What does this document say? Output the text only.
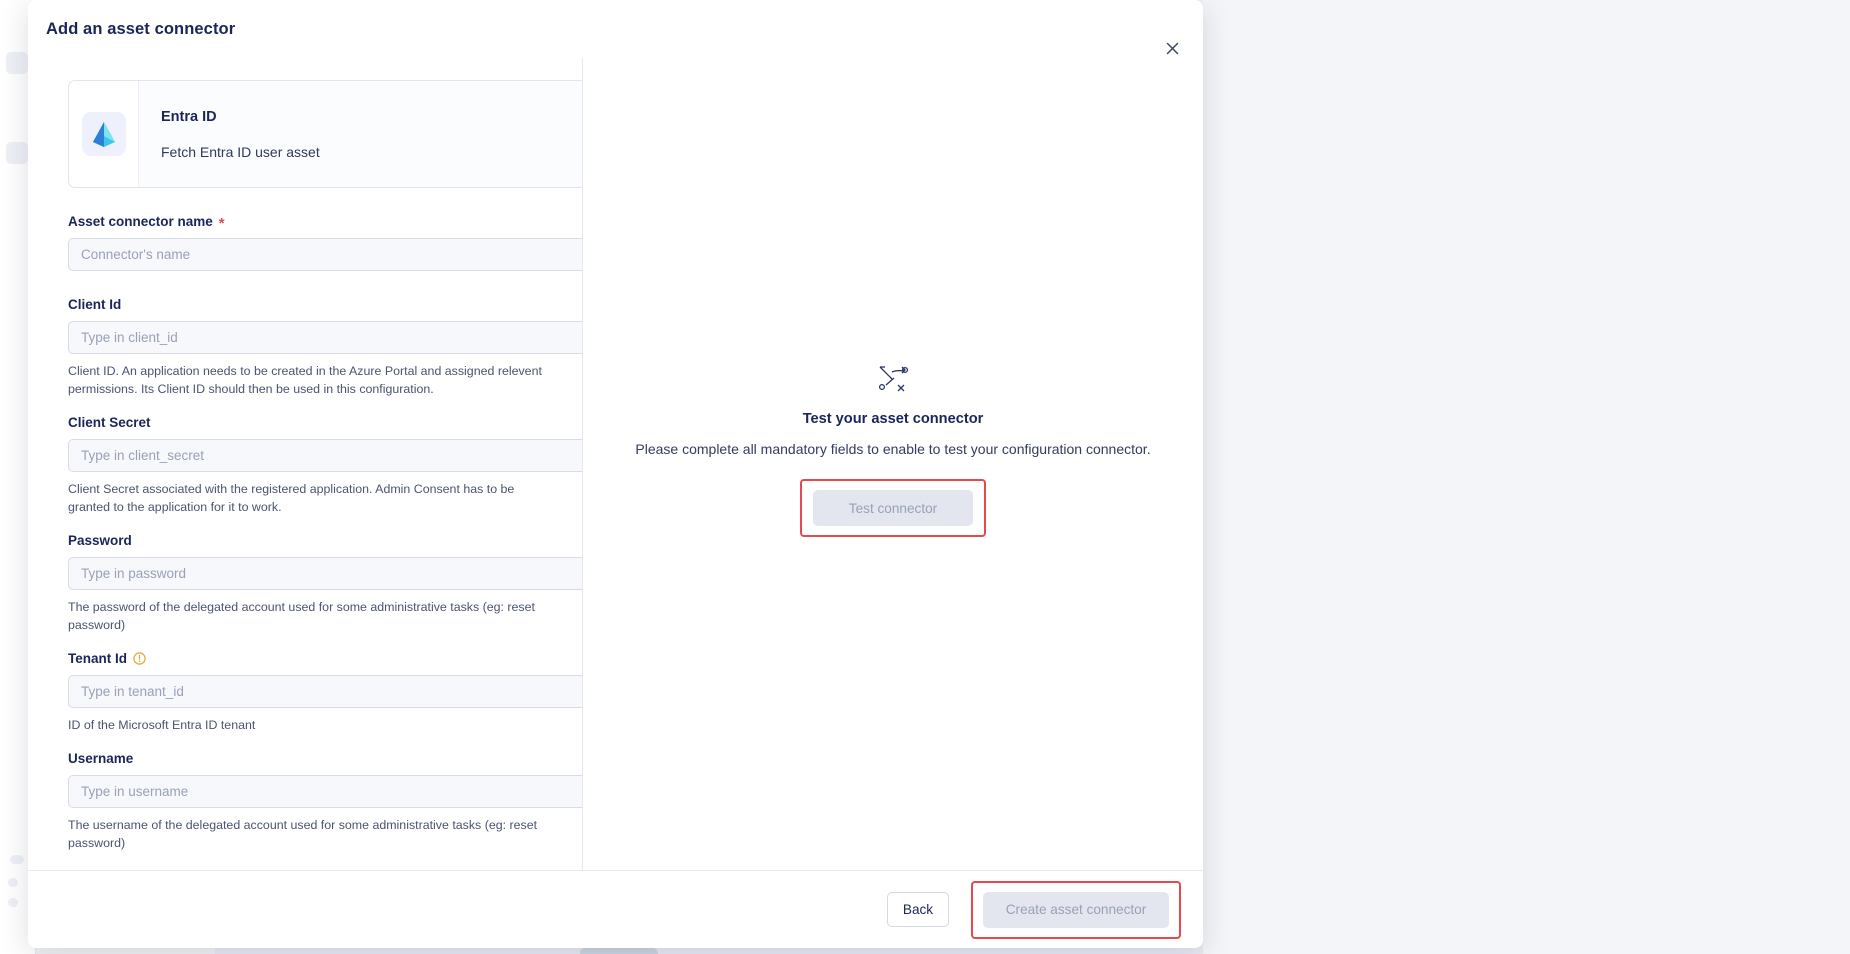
Add an asset connector
Entra ID
Fetch Entra ID user asset
Asset connector name *
Connector's name
Client Id
Type in client_id
Client ID. An application needs to be created in the Azure Portal and assigned relevent permissions. Its Client ID should then be used in this configuration.
Client Secret
Type in client_secret
Client Secret associated with the registered application. Admin Consent has to be granted to the application for it to work.
Password
Type in password
The password of the delegated account used for some administrative tasks (eg: reset password)
Tenant Id
Type in tenant_id
ID of the Microsoft Entra ID tenant
Username
Type in username
The username of the delegated account used for some administrative tasks (eg: reset password)
Test your asset connector
Please complete all mandatory fields to enable to test your configuration connector.
Test connector
Back	Create asset connector
